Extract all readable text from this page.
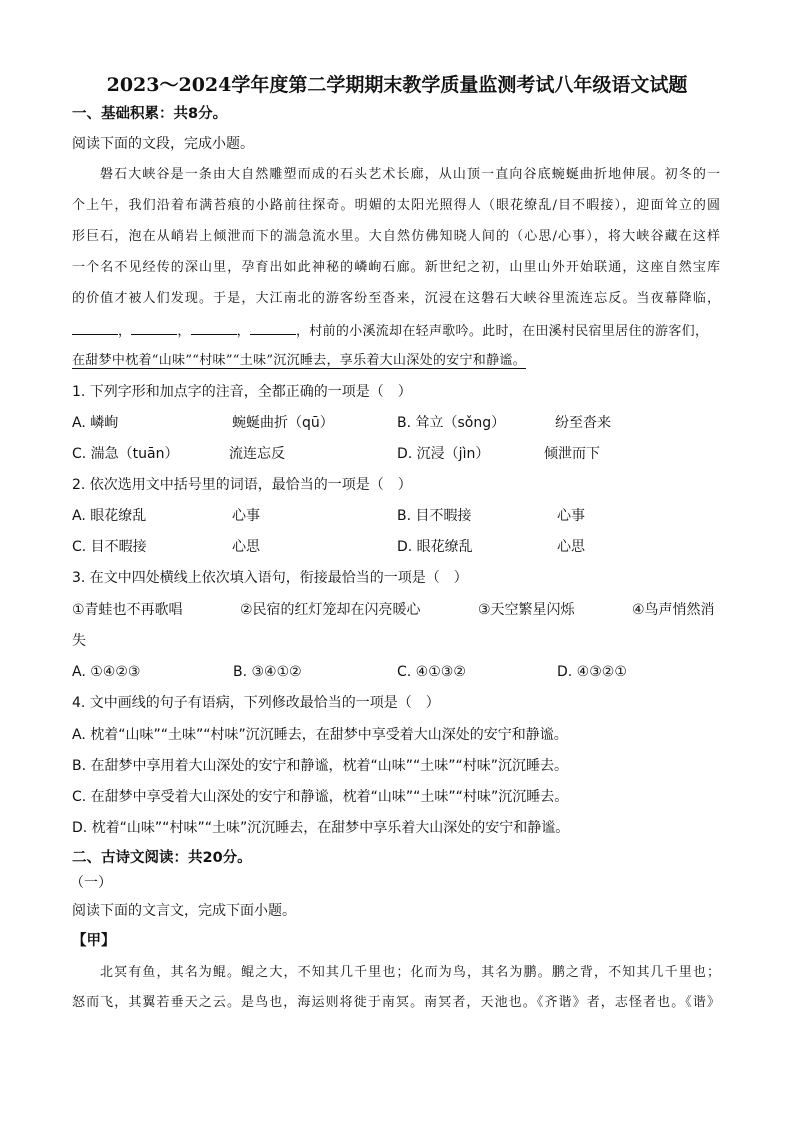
2023～2024学年度第二学期期末教学质量监测考试八年级语文试题
一、基础积累：共8分。
阅读下面的文段，完成小题。
磐石大峡谷是一条由大自然雕塑而成的石头艺术长廊，从山顶一直向谷底蜿蜒曲折地伸展。初冬的一
个上午，我们沿着布满苔痕的小路前往探奇。明媚的太阳光照得人（眼花缭乱/目不暇接），迎面耸立的圆
形巨石，泡在从峭岩上倾泄而下的湍急流水里。大自然仿佛知晓人间的（心思/心事），将大峡谷藏在这样
一个名不见经传的深山里，孕育出如此神秘的嶙峋石廊。新世纪之初，山里山外开始联通，这座自然宝库
的价值才被人们发现。于是，大江南北的游客纷至沓来，沉浸在这磐石大峡谷里流连忘反。当夜幕降临，
，	，	，	，村前的小溪流却在轻声歌吟。此时，在田溪村民宿里居住的游客们，
在甜梦中枕着“山味”“村味”“土味”沉沉睡去，享乐着大山深处的安宁和静谧。
1. 下列字形和加点字的注音，全都正确的一项是（　）
A. 嶙峋	蜿蜒曲折（qū）	B. 耸立（sǒng）	纷至沓来
C. 湍急（tuān）	流连忘反	D. 沉浸（jìn）	倾泄而下
2. 依次选用文中括号里的词语，最恰当的一项是（　）
A. 眼花缭乱	心事	B. 目不暇接	心事
C. 目不暇接	心思	D. 眼花缭乱	心思
3. 在文中四处横线上依次填入语句，衔接最恰当的一项是（　）
①青蛙也不再歌唱	②民宿的红灯笼却在闪亮暖心	③天空繁星闪烁	④鸟声悄然消
失
A. ①④②③	B. ③④①②	C. ④①③②	D. ④③②①
4. 文中画线的句子有语病，下列修改最恰当的一项是（　）
A. 枕着“山味”“土味”“村味”沉沉睡去，在甜梦中享受着大山深处的安宁和静谧。
B. 在甜梦中享用着大山深处的安宁和静谧，枕着“山味”“土味”“村味”沉沉睡去。
C. 在甜梦中享受着大山深处的安宁和静谧，枕着“山味”“土味”“村味”沉沉睡去。
D. 枕着“山味”“村味”“土味”沉沉睡去，在甜梦中享乐着大山深处的安宁和静谧。
二、古诗文阅读：共20分。
（一）
阅读下面的文言文，完成下面小题。
【甲】
北冥有鱼，其名为鲲。鲲之大，不知其几千里也；化而为鸟，其名为鹏。鹏之背，不知其几千里也；
怒而飞，其翼若垂天之云。是鸟也，海运则将徙于南冥。南冥者，天池也。《齐谐》者，志怪者也。《谐》
